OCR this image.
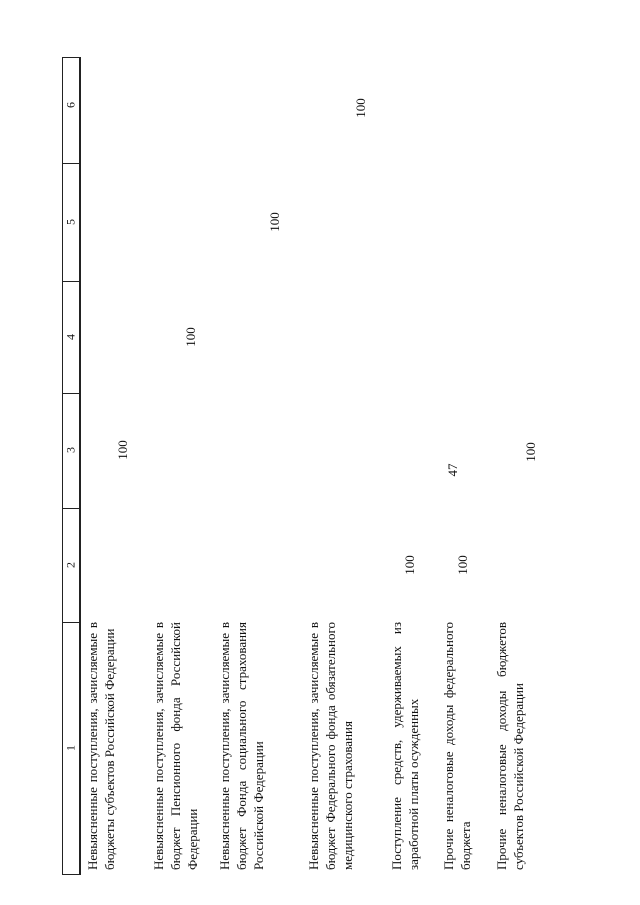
47
1
2
3
4
5
6
Невыясненные поступления, зачисляемые в бюджеты субъектов Российской Федерации
100
Невыясненные поступления, зачисляемые в бюджет Пенсионного фонда Российской Федерации
100
Невыясненные поступления, зачисляемые в бюджет Фонда социального страхования Российской Федерации
100
Невыясненные поступления, зачисляемые в бюджет Федерального фонда обязательного медицинского страхования
100
Поступление средств, удерживаемых из заработной платы осужденных
100
Прочие неналоговые доходы федерального бюджета
100
Прочие неналоговые доходы бюджетов субъектов Российской Федерации
100
